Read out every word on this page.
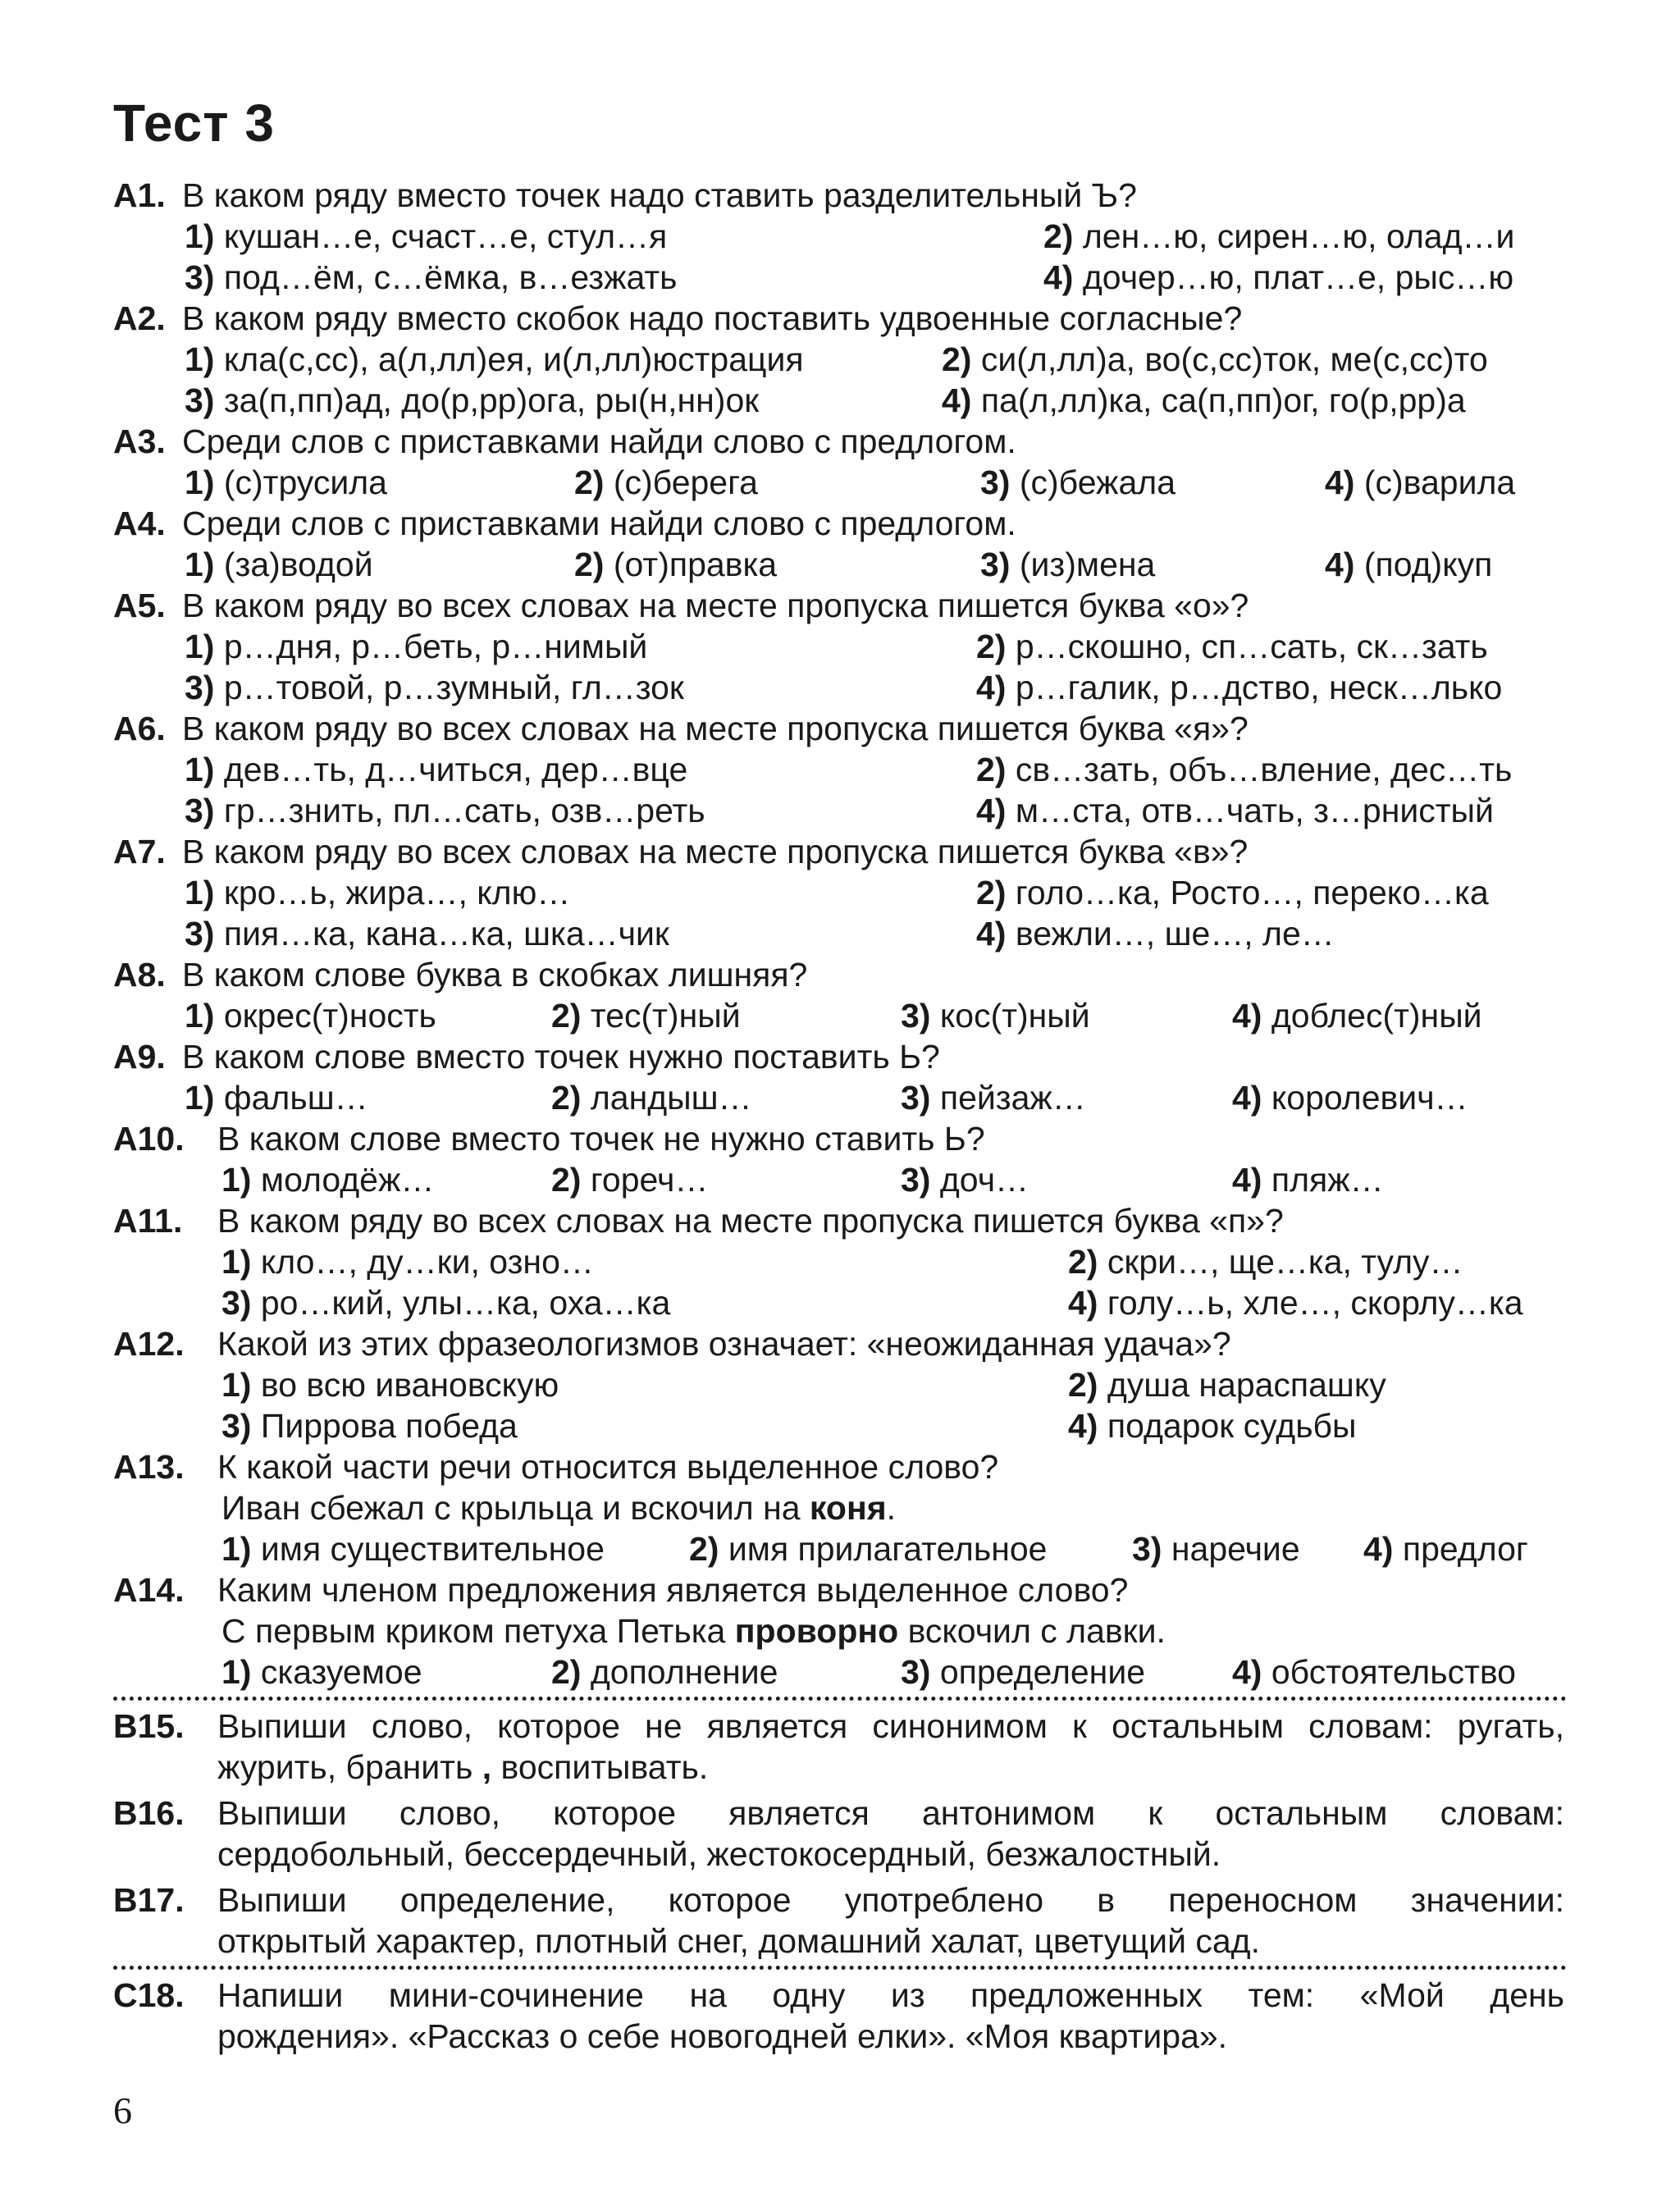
Тест 3
А1. В каком ряду вместо точек надо ставить разделительный Ъ?
1) кушан…е, счаст…е, стул…я	2) лен…ю, сирен…ю, олад…и
3) под…ём, с…ёмка, в…езжать	4) дочер…ю, плат…е, рыс…ю
А2. В каком ряду вместо скобок надо поставить удвоенные согласные?
1) кла(с,сс), а(л,лл)ея, и(л,лл)юстрация	2) си(л,лл)а, во(с,сс)ток, ме(с,сс)то
3) за(п,пп)ад, до(р,рр)ога, ры(н,нн)ок	4) па(л,лл)ка, са(п,пп)ог, го(р,рр)а
А3. Среди слов с приставками найди слово с предлогом.
1) (с)трусила	2) (с)берега	3) (с)бежала	4) (с)варила
А4. Среди слов с приставками найди слово с предлогом.
1) (за)водой	2) (от)правка	3) (из)мена	4) (под)куп
А5. В каком ряду во всех словах на месте пропуска пишется буква «о»?
1) р…дня, р…беть, р…нимый	2) р…скошно, сп…сать, ск…зать
3) р…товой, р…зумный, гл…зок	4) р…галик, р…дство, неск…лько
А6. В каком ряду во всех словах на месте пропуска пишется буква «я»?
1) дев…ть, д…читься, дер…вце	2) св…зать, объ…вление, дес…ть
3) гр…знить, пл…сать, озв…реть	4) м…ста, отв…чать, з…рнистый
А7. В каком ряду во всех словах на месте пропуска пишется буква «в»?
1) кро…ь, жира…, клю…	2) голо…ка, Росто…, переко…ка
3) пия…ка, кана…ка, шка…чик	4) вежли…, ше…, ле…
А8. В каком слове буква в скобках лишняя?
1) окрес(т)ность	2) тес(т)ный	3) кос(т)ный	4) доблес(т)ный
А9. В каком слове вместо точек нужно поставить Ь?
1) фальш…	2) ландыш…	3) пейзаж…	4) королевич…
А10. В каком слове вместо точек не нужно ставить Ь?
1) молодёж…	2) гореч…	3) доч…	4) пляж…
А11. В каком ряду во всех словах на месте пропуска пишется буква «п»?
1) кло…, ду…ки, озно…	2) скри…, ще…ка, тулу…
3) ро…кий, улы…ка, оха…ка	4) голу…ь, хле…, скорлу…ка
А12. Какой из этих фразеологизмов означает: «неожиданная удача»?
1) во всю ивановскую	2) душа нараспашку
3) Пиррова победа	4) подарок судьбы
А13. К какой части речи относится выделенное слово?
Иван сбежал с крыльца и вскочил на коня.
1) имя существительное	2) имя прилагательное	3) наречие 4) предлог
А14. Каким членом предложения является выделенное слово?
С первым криком петуха Петька проворно вскочил с лавки.
1) сказуемое	2) дополнение	3) определение	4) обстоятельство
В15. Выпиши слово, которое не является синонимом к остальным словам: ругать,
журить, бранить , воспитывать.
В16. Выпиши слово, которое является антонимом к остальным словам:
сердобольный, бессердечный, жестокосердный, безжалостный.
В17. Выпиши определение, которое употреблено в переносном значении:
открытый характер, плотный снег, домашний халат, цветущий сад.
С18. Напиши мини-сочинение на одну из предложенных тем: «Мой день
рождения». «Рассказ о себе новогодней елки». «Моя квартира».
6
